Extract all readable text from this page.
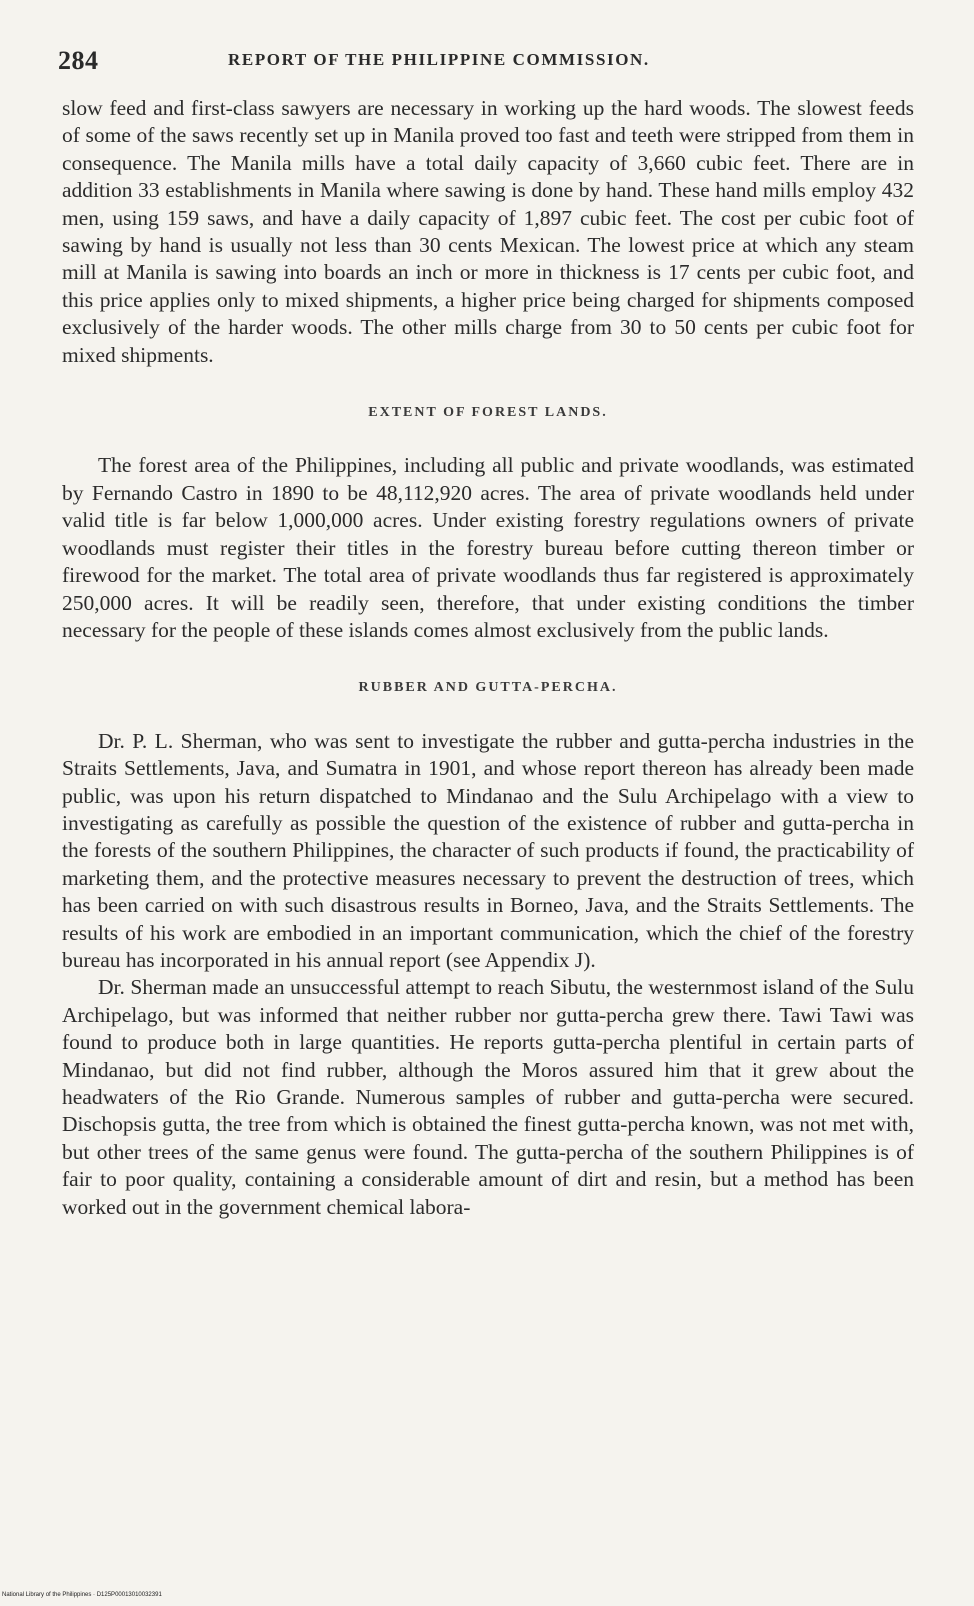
284	REPORT OF THE PHILIPPINE COMMISSION.

slow feed and first-class sawyers are necessary in working up the hard woods. The slowest feeds of some of the saws recently set up in Manila proved too fast and teeth were stripped from them in consequence. The Manila mills have a total daily capacity of 3,660 cubic feet. There are in addition 33 establishments in Manila where sawing is done by hand. These hand mills employ 432 men, using 159 saws, and have a daily capacity of 1,897 cubic feet. The cost per cubic foot of sawing by hand is usually not less than 30 cents Mexican. The lowest price at which any steam mill at Manila is sawing into boards an inch or more in thickness is 17 cents per cubic foot, and this price applies only to mixed shipments, a higher price being charged for shipments composed exclusively of the harder woods. The other mills charge from 30 to 50 cents per cubic foot for mixed shipments.

EXTENT OF FOREST LANDS.

The forest area of the Philippines, including all public and private woodlands, was estimated by Fernando Castro in 1890 to be 48,112,920 acres. The area of private woodlands held under valid title is far below 1,000,000 acres. Under existing forestry regulations owners of private woodlands must register their titles in the forestry bureau before cutting thereon timber or firewood for the market. The total area of private woodlands thus far registered is approximately 250,000 acres. It will be readily seen, therefore, that under existing conditions the timber necessary for the people of these islands comes almost exclusively from the public lands.

RUBBER AND GUTTA-PERCHA.

Dr. P. L. Sherman, who was sent to investigate the rubber and gutta-percha industries in the Straits Settlements, Java, and Sumatra in 1901, and whose report thereon has already been made public, was upon his return dispatched to Mindanao and the Sulu Archipelago with a view to investigating as carefully as possible the question of the existence of rubber and gutta-percha in the forests of the southern Philippines, the character of such products if found, the practicability of marketing them, and the protective measures necessary to prevent the destruction of trees, which has been carried on with such disastrous results in Borneo, Java, and the Straits Settlements. The results of his work are embodied in an important communication, which the chief of the forestry bureau has incorporated in his annual report (see Appendix J).

Dr. Sherman made an unsuccessful attempt to reach Sibutu, the westernmost island of the Sulu Archipelago, but was informed that neither rubber nor gutta-percha grew there. Tawi Tawi was found to produce both in large quantities. He reports gutta-percha plentiful in certain parts of Mindanao, but did not find rubber, although the Moros assured him that it grew about the headwaters of the Rio Grande. Numerous samples of rubber and gutta-percha were secured. Dischopsis gutta, the tree from which is obtained the finest gutta-percha known, was not met with, but other trees of the same genus were found. The gutta-percha of the southern Philippines is of fair to poor quality, containing a considerable amount of dirt and resin, but a method has been worked out in the government chemical labora-

National Library of the Philippines · D125P00013010032391
